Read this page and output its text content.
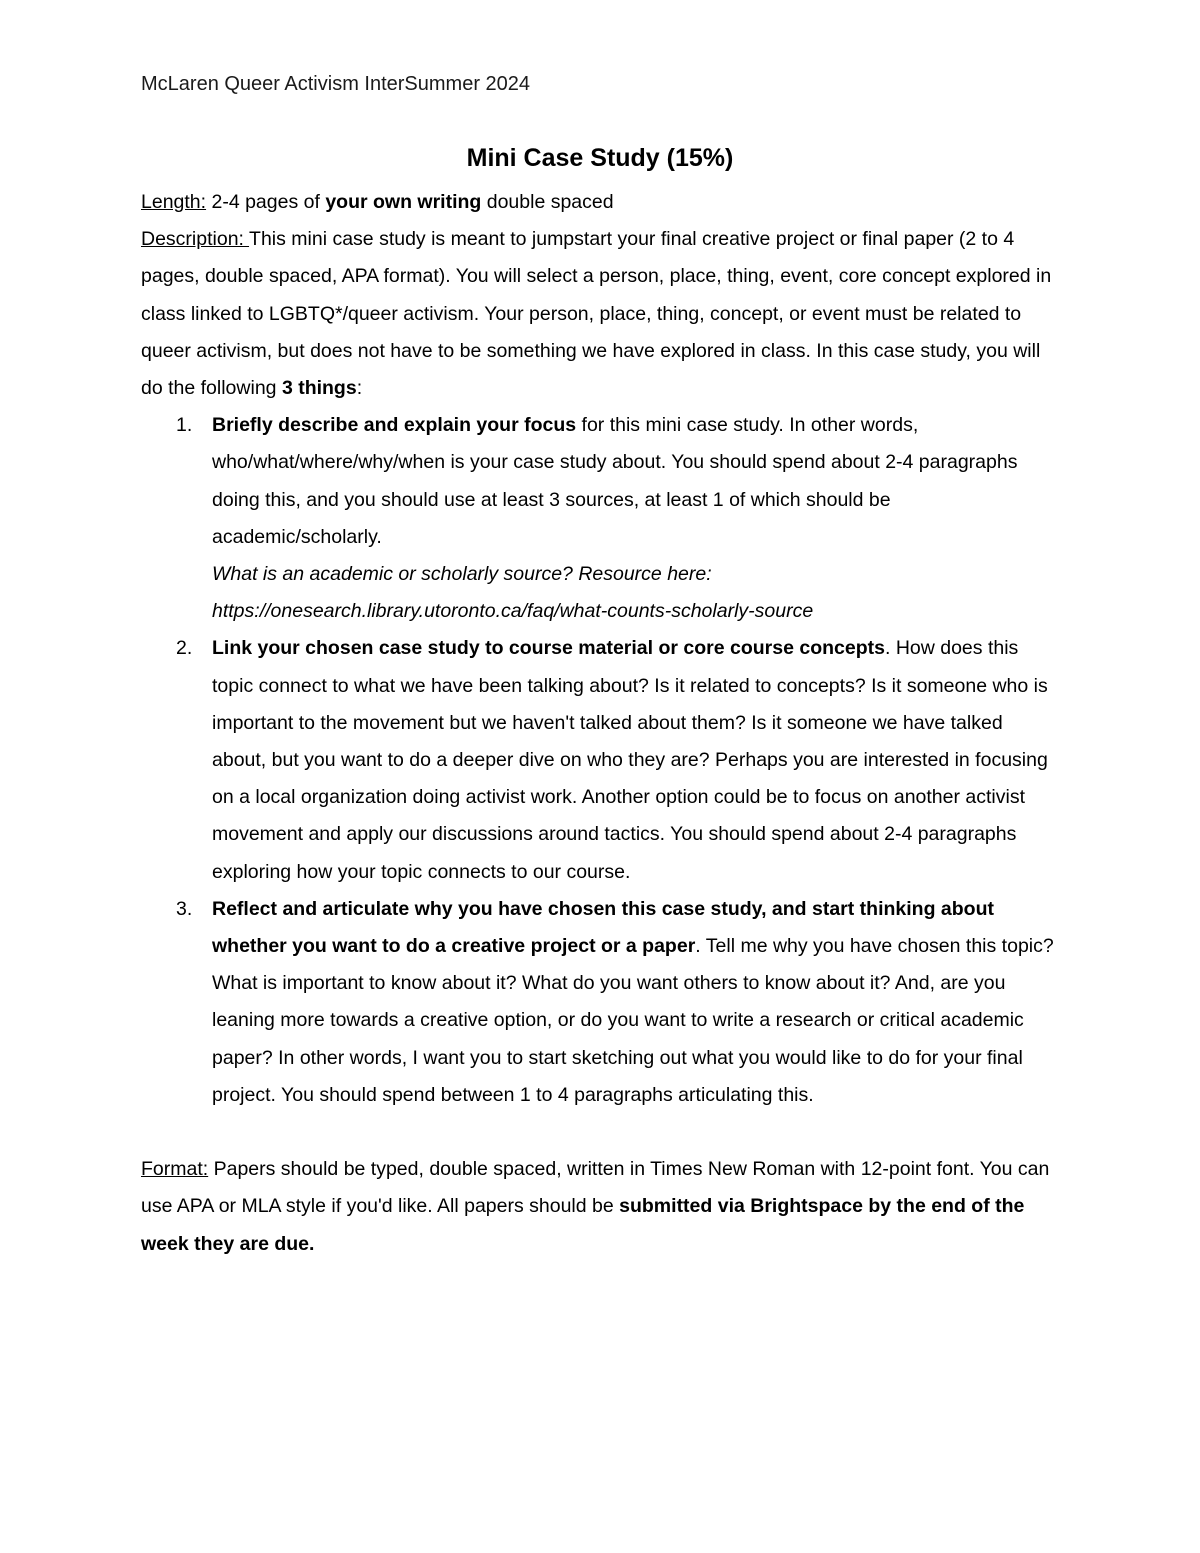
McLaren Queer Activism InterSummer 2024
Mini Case Study (15%)

Length: 2-4 pages of your own writing double spaced

Description: This mini case study is meant to jumpstart your final creative project or final paper (2 to 4 pages, double spaced, APA format). You will select a person, place, thing, event, core concept explored in class linked to LGBTQ*/queer activism. Your person, place, thing, concept, or event must be related to queer activism, but does not have to be something we have explored in class. In this case study, you will do the following 3 things:

1. Briefly describe and explain your focus for this mini case study. In other words, who/what/where/why/when is your case study about. You should spend about 2-4 paragraphs doing this, and you should use at least 3 sources, at least 1 of which should be academic/scholarly.
What is an academic or scholarly source? Resource here:
https://onesearch.library.utoronto.ca/faq/what-counts-scholarly-source
2. Link your chosen case study to course material or core course concepts. How does this topic connect to what we have been talking about? Is it related to concepts? Is it someone who is important to the movement but we haven't talked about them? Is it someone we have talked about, but you want to do a deeper dive on who they are? Perhaps you are interested in focusing on a local organization doing activist work. Another option could be to focus on another activist movement and apply our discussions around tactics. You should spend about 2-4 paragraphs exploring how your topic connects to our course.
3. Reflect and articulate why you have chosen this case study, and start thinking about whether you want to do a creative project or a paper. Tell me why you have chosen this topic? What is important to know about it? What do you want others to know about it? And, are you leaning more towards a creative option, or do you want to write a research or critical academic paper? In other words, I want you to start sketching out what you would like to do for your final project. You should spend between 1 to 4 paragraphs articulating this.

Format: Papers should be typed, double spaced, written in Times New Roman with 12-point font. You can use APA or MLA style if you'd like. All papers should be submitted via Brightspace by the end of the week they are due.
